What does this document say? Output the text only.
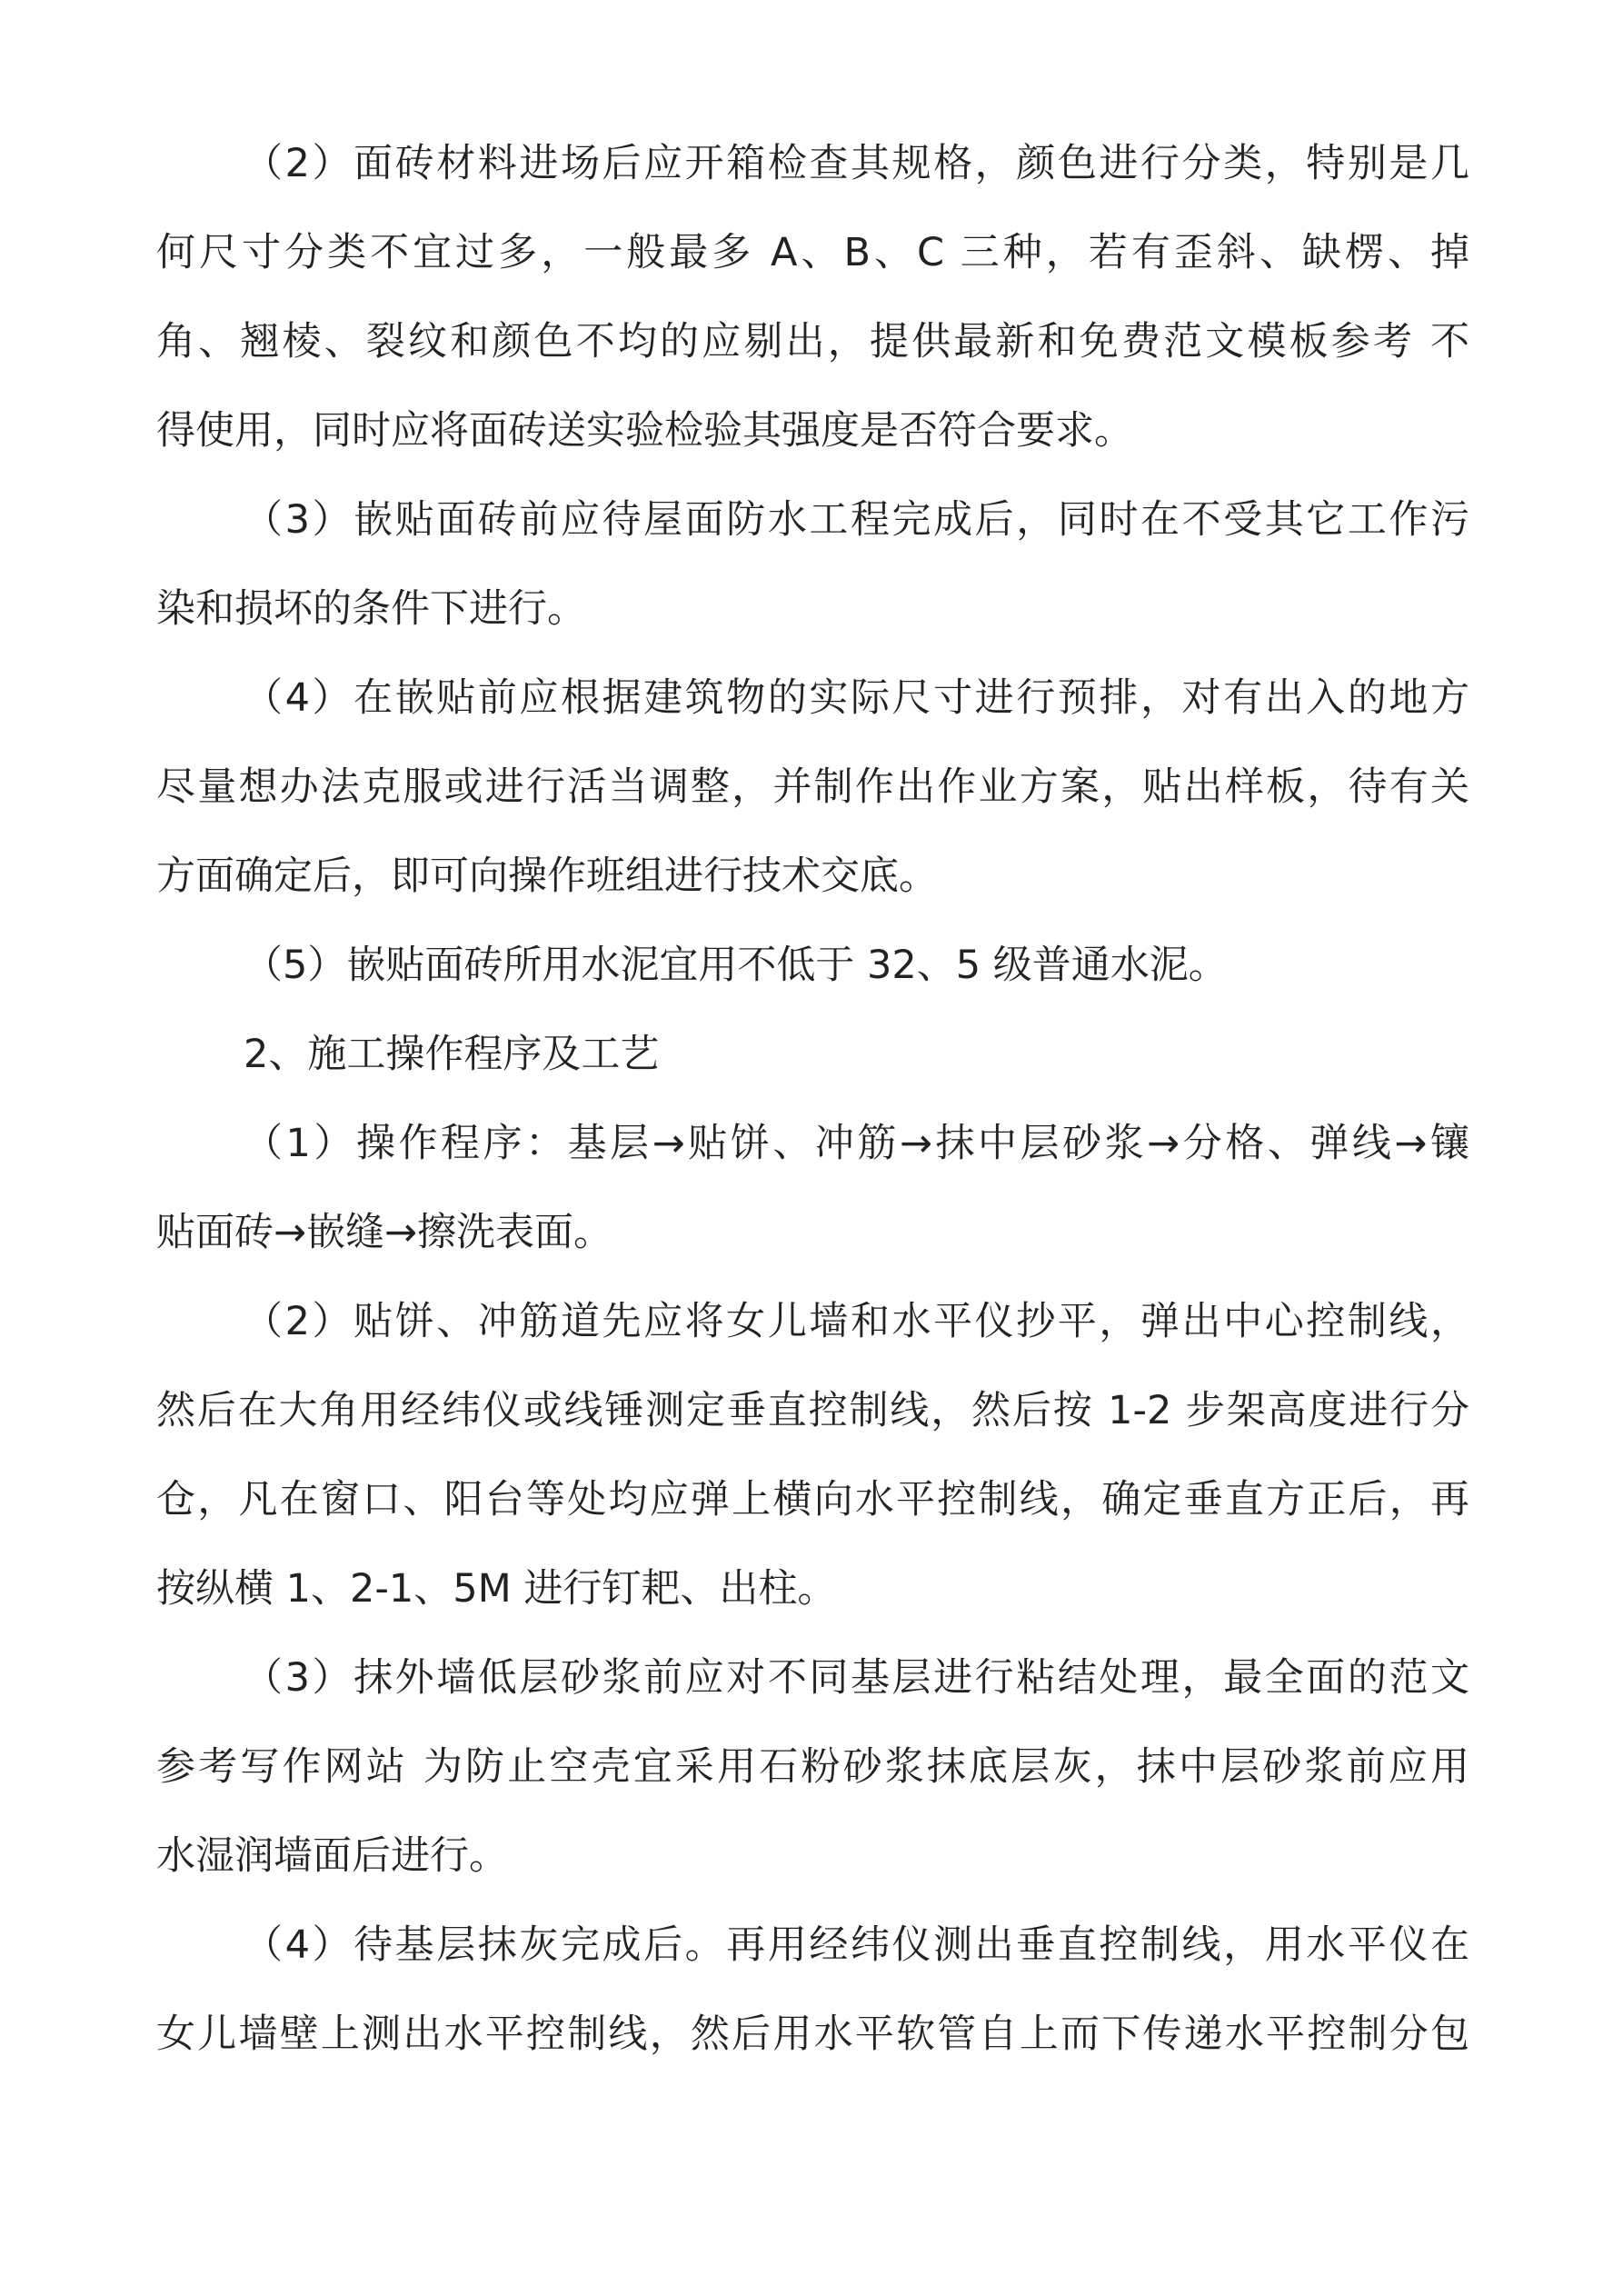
（2）面砖材料进场后应开箱检查其规格，颜色进行分类，特别是几
何尺寸分类不宜过多，一般最多 A、B、C 三种，若有歪斜、缺楞、掉
角、翘棱、裂纹和颜色不均的应剔出，提供最新和免费范文模板参考 不
得使用，同时应将面砖送实验检验其强度是否符合要求。
（3）嵌贴面砖前应待屋面防水工程完成后，同时在不受其它工作污
染和损坏的条件下进行。
（4）在嵌贴前应根据建筑物的实际尺寸进行预排，对有出入的地方
尽量想办法克服或进行活当调整，并制作出作业方案，贴出样板，待有关
方面确定后，即可向操作班组进行技术交底。
（5）嵌贴面砖所用水泥宜用不低于 32、5 级普通水泥。
2、施工操作程序及工艺
（1）操作程序：基层→贴饼、冲筋→抹中层砂浆→分格、弹线→镶
贴面砖→嵌缝→擦洗表面。
（2）贴饼、冲筋道先应将女儿墙和水平仪抄平，弹出中心控制线，
然后在大角用经纬仪或线锤测定垂直控制线，然后按 1-2 步架高度进行分
仓，凡在窗口、阳台等处均应弹上横向水平控制线，确定垂直方正后，再
按纵横 1、2-1、5M 进行钉耙、出柱。
（3）抹外墙低层砂浆前应对不同基层进行粘结处理，最全面的范文
参考写作网站 为防止空壳宜采用石粉砂浆抹底层灰，抹中层砂浆前应用
水湿润墙面后进行。
（4）待基层抹灰完成后。再用经纬仪测出垂直控制线，用水平仪在
女儿墙壁上测出水平控制线，然后用水平软管自上而下传递水平控制分包
